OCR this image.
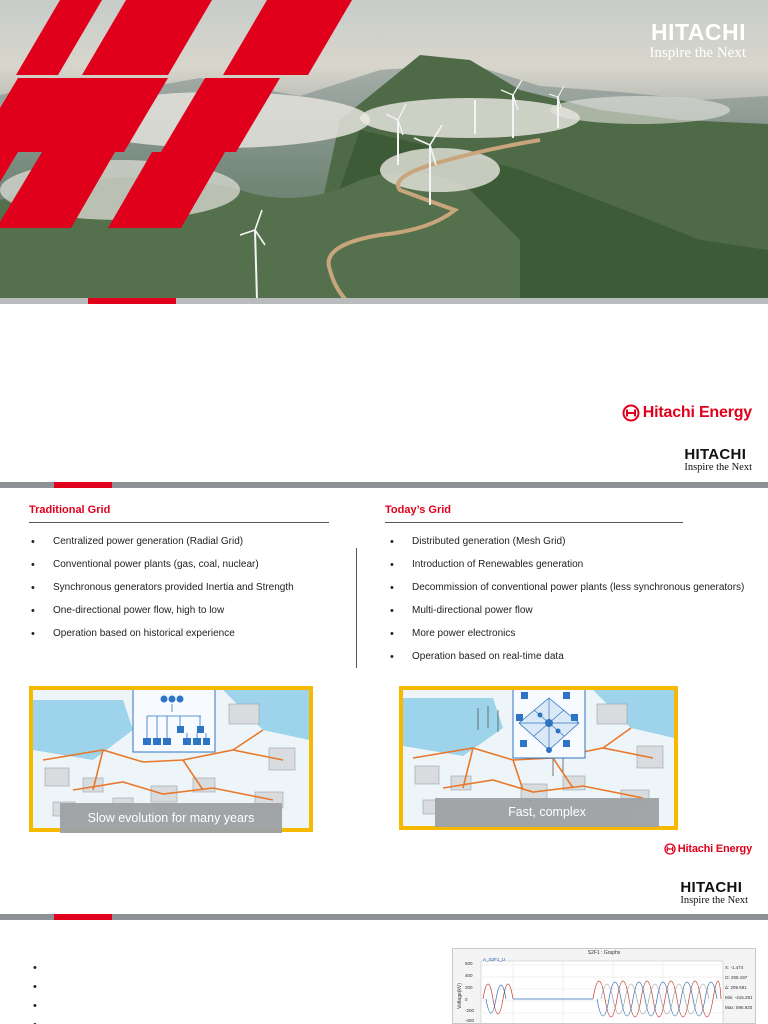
HITACHI
Inspire the Next
Hitachi Energy
HITACHI
Inspire the Next
Traditional Grid	Today’s Grid
• Centralized power generation (Radial Grid)
• Conventional power plants (gas, coal, nuclear)
• Synchronous generators provided Inertia and Strength
• One-directional power flow, high to low
• Operation based on historical experience
• Distributed generation (Mesh Grid)
• Introduction of Renewables generation
• Decommission of conventional power plants (less synchronous generators)
• Multi-directional power flow
• More power electronics
• Operation based on real-time data
Slow evolution for many years	Fast, complex
Hitachi Energy
HITACHI
Inspire the Next
•
•
•
•
S2F1 : Graphs
A_S2F1_U
Voltage(kV)
600
400
200
0
-200
-400
X: -1.474
O: 208.197
Δ: 209.591
Min: -415.281
Max: 596.920
